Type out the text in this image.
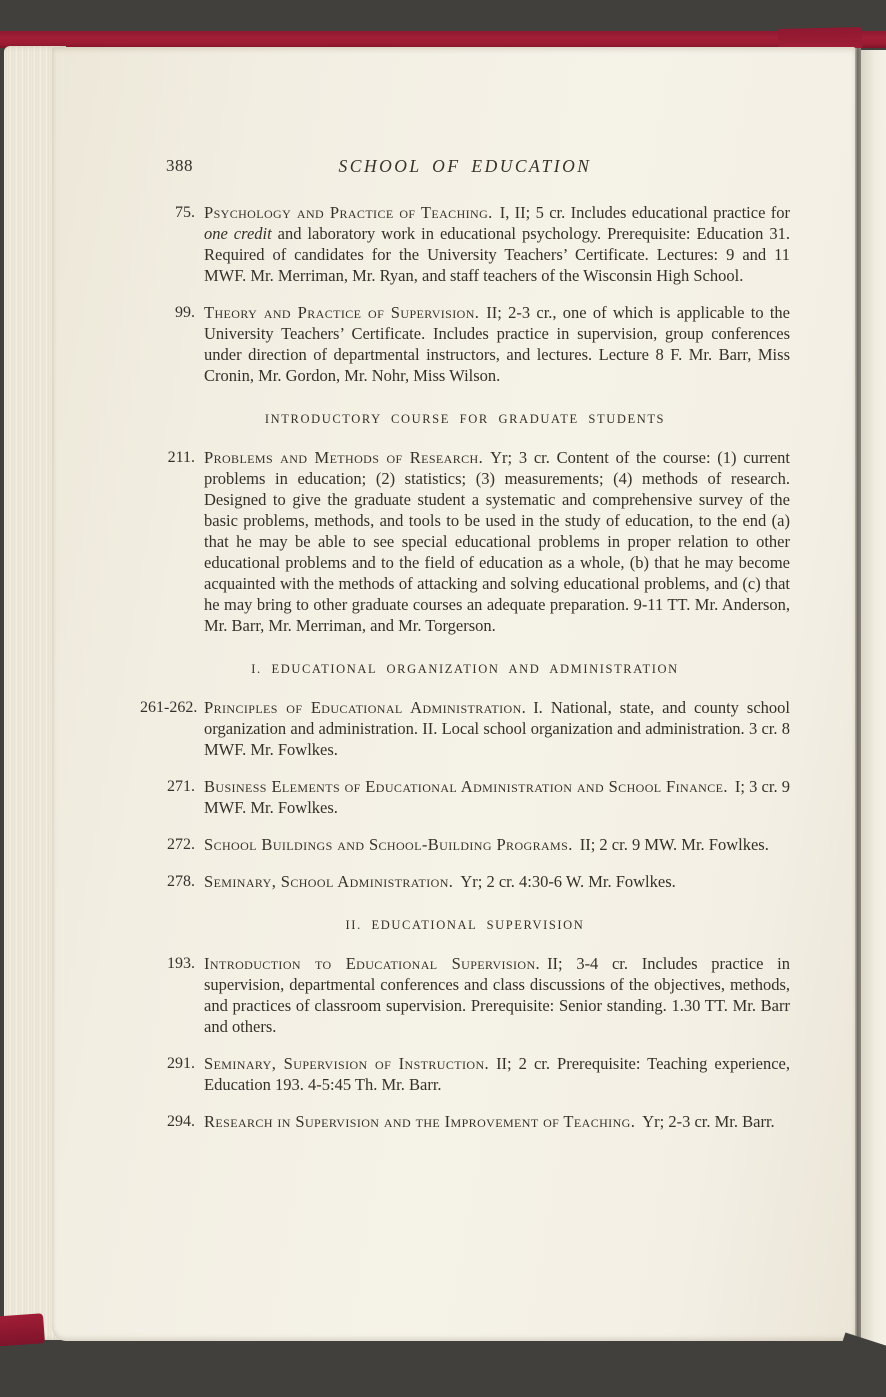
388	SCHOOL OF EDUCATION
75. Psychology and Practice of Teaching. I, II; 5 cr. Includes educational practice for one credit and laboratory work in educational psychology. Prerequisite: Education 31. Required of candidates for the University Teachers’ Certificate. Lectures: 9 and 11 MWF. Mr. Merriman, Mr. Ryan, and staff teachers of the Wisconsin High School.

99. Theory and Practice of Supervision. II; 2-3 cr., one of which is applicable to the University Teachers’ Certificate. Includes practice in supervision, group conferences under direction of departmental instructors, and lectures. Lecture 8 F. Mr. Barr, Miss Cronin, Mr. Gordon, Mr. Nohr, Miss Wilson.

INTRODUCTORY COURSE FOR GRADUATE STUDENTS
211. Problems and Methods of Research. Yr; 3 cr. Content of the course: (1) current problems in education; (2) statistics; (3) measurements; (4) methods of research. Designed to give the graduate student a systematic and comprehensive survey of the basic problems, methods, and tools to be used in the study of education, to the end (a) that he may be able to see special educational problems in proper relation to other educational problems and to the field of education as a whole, (b) that he may become acquainted with the methods of attacking and solving educational problems, and (c) that he may bring to other graduate courses an adequate preparation. 9-11 TT. Mr. Anderson, Mr. Barr, Mr. Merriman, and Mr. Torgerson.

I. EDUCATIONAL ORGANIZATION AND ADMINISTRATION
261-262. Principles of Educational Administration. I. National, state, and county school organization and administration. II. Local school organization and administration. 3 cr. 8 MWF. Mr. Fowlkes.

271. Business Elements of Educational Administration and School Finance. I; 3 cr. 9 MWF. Mr. Fowlkes.

272. School Buildings and School-Building Programs. II; 2 cr. 9 MW. Mr. Fowlkes.

278. Seminary, School Administration. Yr; 2 cr. 4:30-6 W. Mr. Fowlkes.

II. EDUCATIONAL SUPERVISION
193. Introduction to Educational Supervision. II; 3-4 cr. Includes practice in supervision, departmental conferences and class discussions of the objectives, methods, and practices of classroom supervision. Prerequisite: Senior standing. 1.30 TT. Mr. Barr and others.

291. Seminary, Supervision of Instruction. II; 2 cr. Prerequisite: Teaching experience, Education 193. 4-5:45 Th. Mr. Barr.

294. Research in Supervision and the Improvement of Teaching. Yr; 2-3 cr. Mr. Barr.
